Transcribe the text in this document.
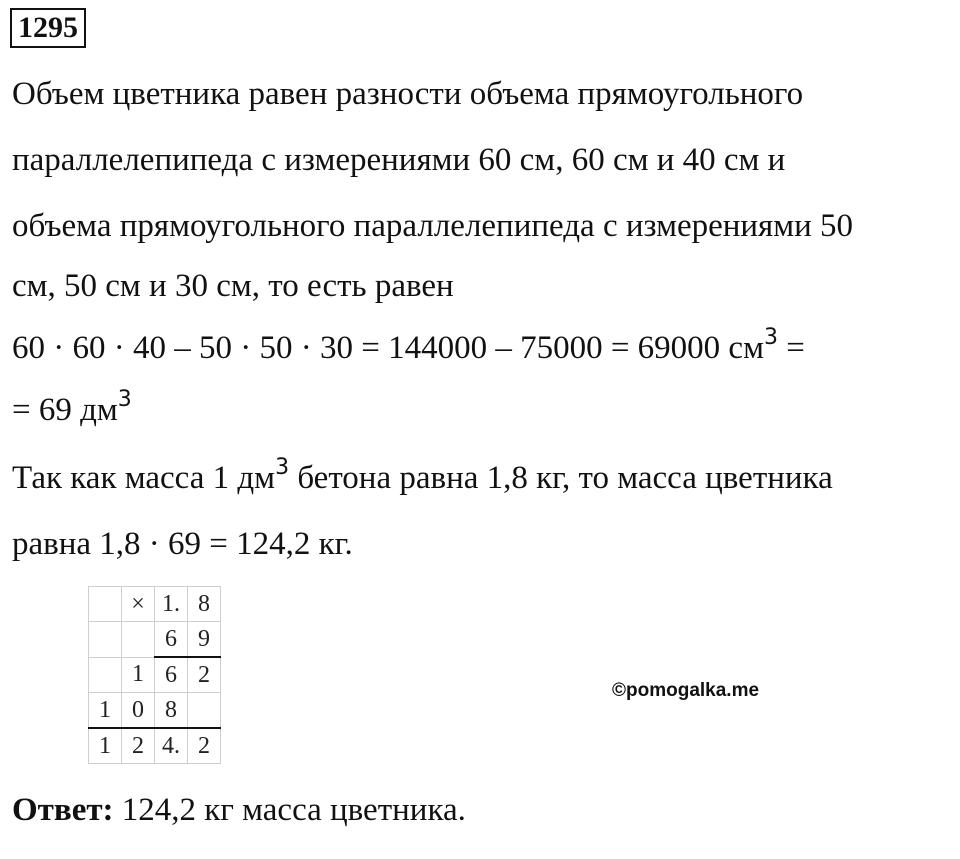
1295
Объем цветника равен разности объема прямоугольного
параллелепипеда с измерениями 60 см, 60 см и 40 см и
объема прямоугольного параллелепипеда с измерениями 50
см, 50 см и 30 см, то есть равен
60 · 60 · 40 – 50 · 50 · 30 = 144000 – 75000 = 69000 $см^3$ =
= 69 $дм^3$
Так как масса 1 $дм^3$ бетона равна 1,8 кг, то масса цветника
равна 1,8 · 69 = 124,2 кг.
	×	1.	8
		6	9
	1	6	2
1	0	8	
1	2	4.	2
©pomogalka.me
Ответ: 124,2 кг масса цветника.
